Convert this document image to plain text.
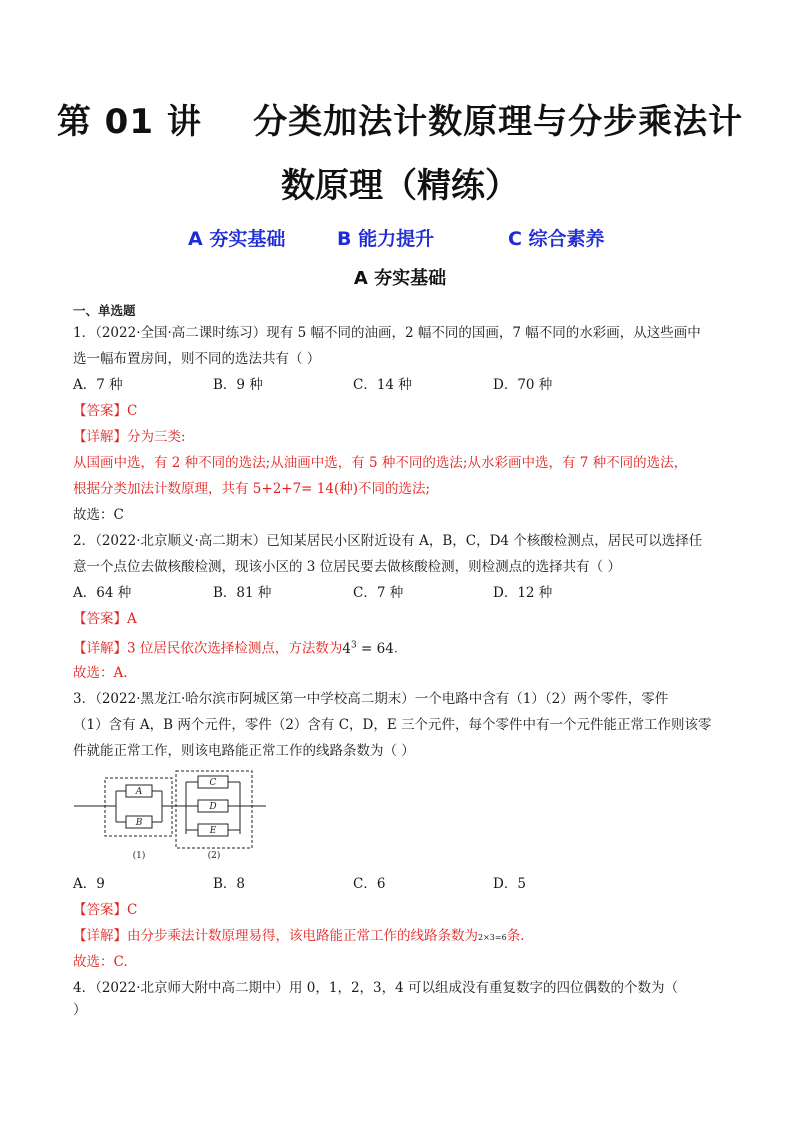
第 01 讲    分类加法计数原理与分步乘法计
数原理（精练）
A 夯实基础	B 能力提升	C 综合素养
A 夯实基础
一、单选题
1．（2022·全国·高二课时练习）现有 5 幅不同的油画，2 幅不同的国画，7 幅不同的水彩画，从这些画中
选一幅布置房间，则不同的选法共有（ ）
A．7 种	B．9 种	C．14 种	D．70 种
【答案】C
【详解】分为三类:
从国画中选，有 2 种不同的选法;从油画中选，有 5 种不同的选法;从水彩画中选，有 7 种不同的选法，
根据分类加法计数原理，共有 5+2+7= 14(种)不同的选法;
故选：C
2．（2022·北京顺义·高二期末）已知某居民小区附近设有 A，B，C，D4 个核酸检测点，居民可以选择任
意一个点位去做核酸检测，现该小区的 3 位居民要去做核酸检测，则检测点的选择共有（ ）
A．64 种	B．81 种	C．7 种	D．12 种
【答案】A
【详解】3 位居民依次选择检测点，方法数为$4^3 = 64$.
故选：A.
3．（2022·黑龙江·哈尔滨市阿城区第一中学校高二期末）一个电路中含有（1）（2）两个零件，零件
（1）含有 A，B 两个元件，零件（2）含有 C，D，E 三个元件，每个零件中有一个元件能正常工作则该零
件就能正常工作，则该电路能正常工作的线路条数为（ ）
A
B
C
D
E
(1)	(2)
A．9	B．8	C．6	D．5
【答案】C
【详解】由分步乘法计数原理易得，该电路能正常工作的线路条数为2×3=6条.
故选：C.
4．（2022·北京师大附中高二期中）用 0，1，2，3，4 可以组成没有重复数字的四位偶数的个数为（
）
